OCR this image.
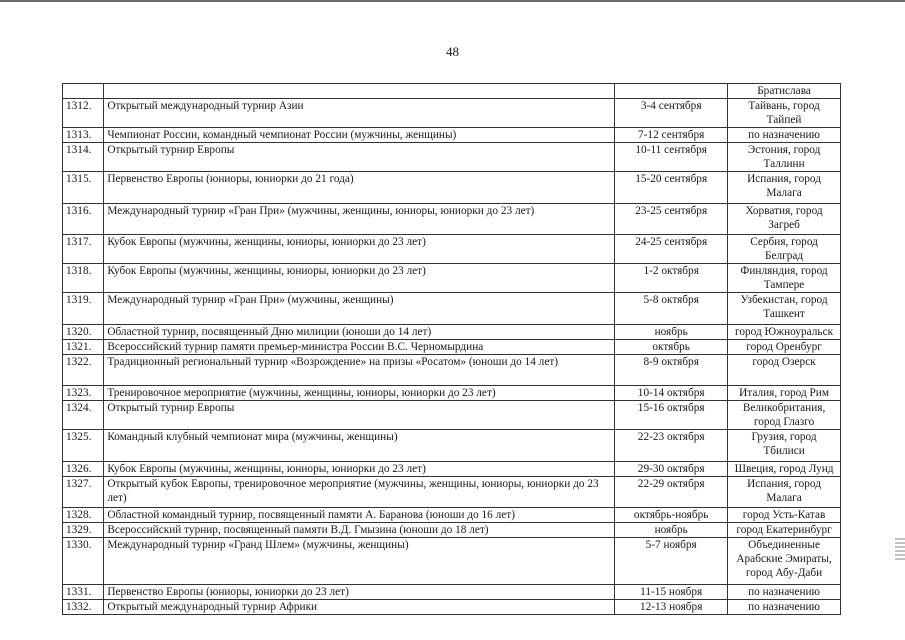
48
			Братислава
1312.	Открытый международный турнир Азии	3-4 сентября	Тайвань, город Тайпей
1313.	Чемпионат России, командный чемпионат России (мужчины, женщины)	7-12 сентября	по назначению
1314.	Открытый турнир Европы	10-11 сентября	Эстония, город Таллинн
1315.	Первенство Европы (юниоры, юниорки до 21 года)	15-20 сентября	Испания, город Малага
1316.	Международный турнир «Гран При» (мужчины, женщины, юниоры, юниорки до 23 лет)	23-25 сентября	Хорватия, город Загреб
1317.	Кубок Европы (мужчины, женщины, юниоры, юниорки до 23 лет)	24-25 сентября	Сербия, город Белград
1318.	Кубок Европы (мужчины, женщины, юниоры, юниорки до 23 лет)	1-2 октября	Финляндия, город Тампере
1319.	Международный турнир «Гран При» (мужчины, женщины)	5-8 октября	Узбекистан, город Ташкент
1320.	Областной турнир, посвященный Дню милиции (юноши до 14 лет)	ноябрь	город Южноуральск
1321.	Всероссийский турнир памяти премьер-министра России В.С. Черномырдина	октябрь	город Оренбург
1322.	Традиционный региональный турнир «Возрождение» на призы «Росатом» (юноши до 14 лет)	8-9 октября	город Озерск
1323.	Тренировочное мероприятие (мужчины, женщины, юниоры, юниорки до 23 лет)	10-14 октября	Италия, город Рим
1324.	Открытый турнир Европы	15-16 октября	Великобритания, город Глазго
1325.	Командный клубный чемпионат мира (мужчины, женщины)	22-23 октября	Грузия, город Тбилиси
1326.	Кубок Европы (мужчины, женщины, юниоры, юниорки до 23 лет)	29-30 октября	Швеция, город Лунд
1327.	Открытый кубок Европы, тренировочное мероприятие (мужчины, женщины, юниоры, юниорки до 23 лет)	22-29 октября	Испания, город Малага
1328.	Областной командный турнир, посвященный памяти А. Баранова (юноши до 16 лет)	октябрь-ноябрь	город Усть-Катав
1329.	Всероссийский турнир, посвященный памяти В.Д. Гмызина (юноши до 18 лет)	ноябрь	город Екатеринбург
1330.	Международный турнир «Гранд Шлем» (мужчины, женщины)	5-7 ноября	Объединенные Арабские Эмираты, город Абу-Даби
1331.	Первенство Европы (юниоры, юниорки до 23 лет)	11-15 ноября	по назначению
1332.	Открытый международный турнир Африки	12-13 ноября	по назначению
